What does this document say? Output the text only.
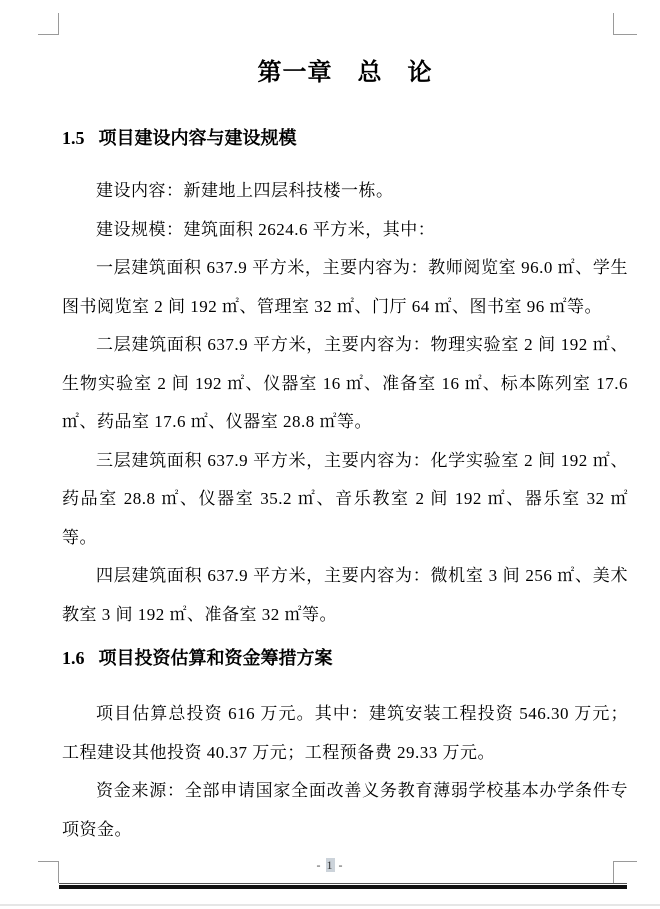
第一章　总　论
1.5 项目建设内容与建设规模

建设内容：新建地上四层科技楼一栋。

建设规模：建筑面积 2624.6 平方米，其中：

一层建筑面积 637.9 平方米，主要内容为：教师阅览室 96.0 ㎡、学生图书阅览室 2 间 192 ㎡、管理室 32 ㎡、门厅 64 ㎡、图书室 96 ㎡等。

二层建筑面积 637.9 平方米，主要内容为：物理实验室 2 间 192 ㎡、生物实验室 2 间 192 ㎡、仪器室 16 ㎡、准备室 16 ㎡、标本陈列室 17.6 ㎡、药品室 17.6 ㎡、仪器室 28.8 ㎡等。

三层建筑面积 637.9 平方米，主要内容为：化学实验室 2 间 192 ㎡、药品室 28.8 ㎡、仪器室 35.2 ㎡、音乐教室 2 间 192 ㎡、器乐室 32 ㎡等。

四层建筑面积 637.9 平方米，主要内容为：微机室 3 间 256 ㎡、美术教室 3 间 192 ㎡、准备室 32 ㎡等。

1.6 项目投资估算和资金筹措方案

项目估算总投资 616 万元。其中：建筑安装工程投资 546.30 万元；工程建设其他投资 40.37 万元；工程预备费 29.33 万元。

资金来源：全部申请国家全面改善义务教育薄弱学校基本办学条件专项资金。

- 1 -
